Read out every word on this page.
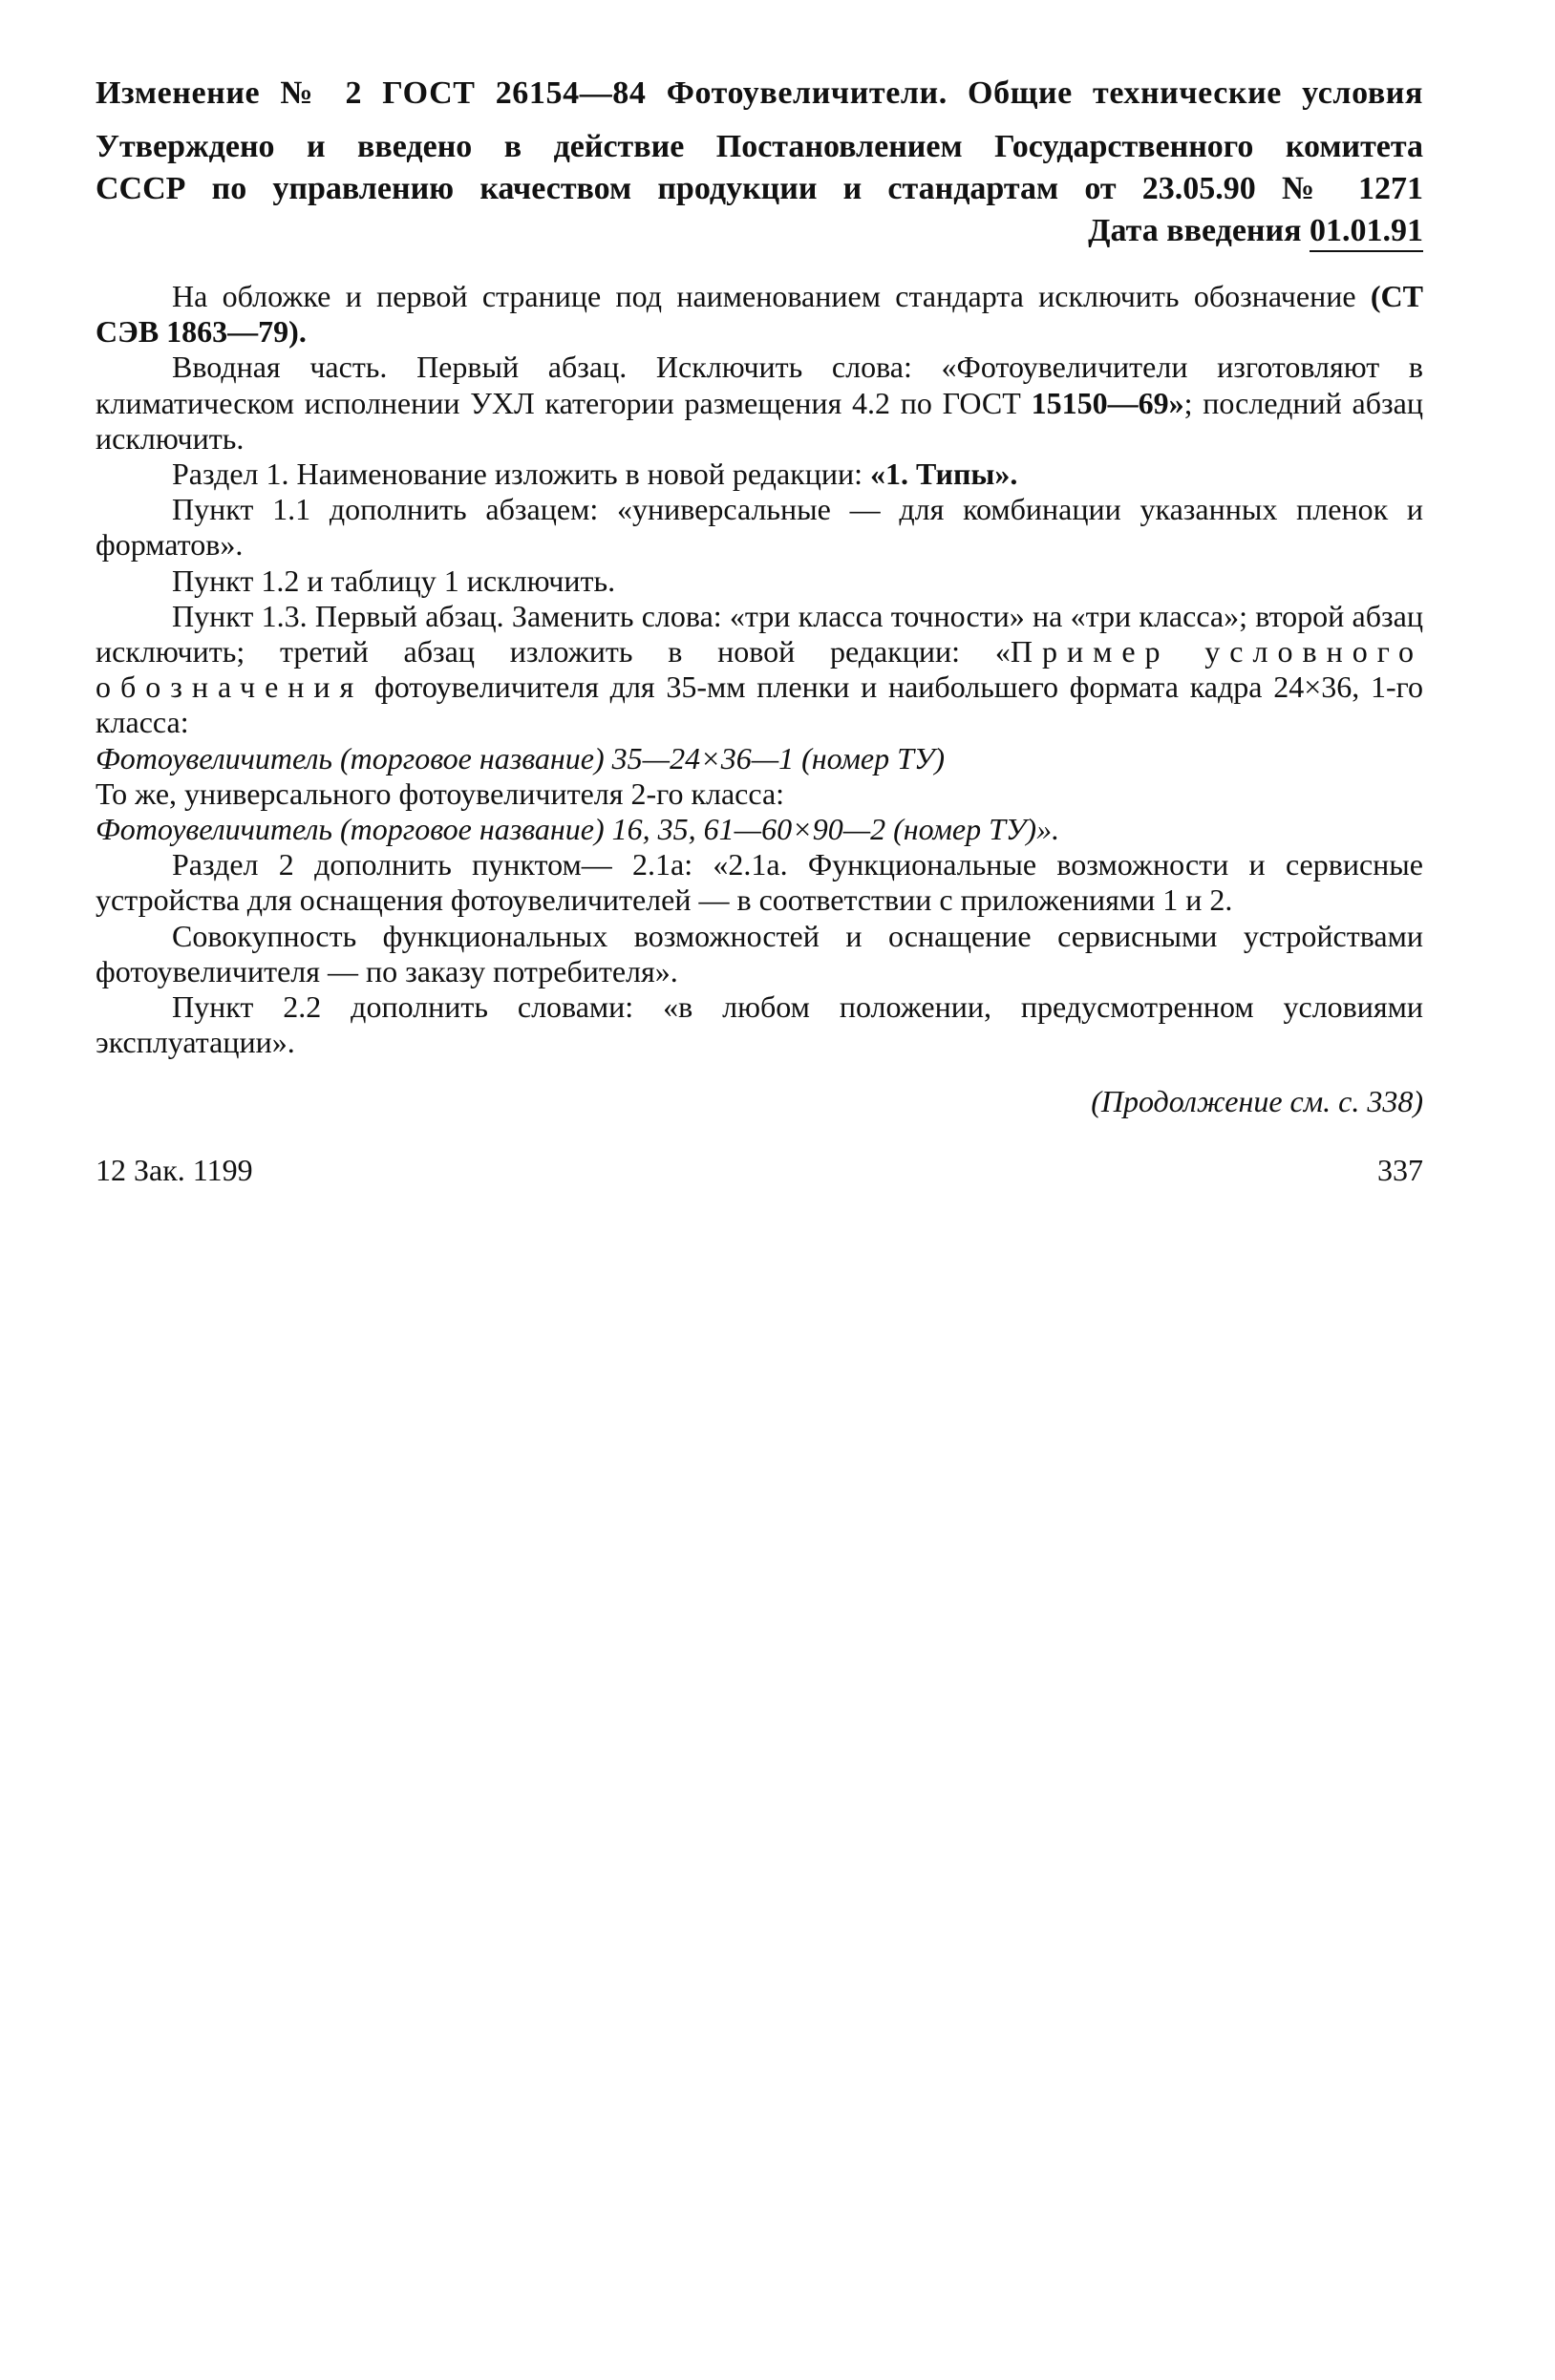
Изменение № 2 ГОСТ 26154—84 Фотоувеличители. Общие технические условия
Утверждено и введено в действие Постановлением Государственного комитета
СССР по управлению качеством продукции и стандартам от 23.05.90 № 1271
Дата введения 01.01.91

На обложке и первой странице под наименованием стандарта исключить обозначение (СТ СЭВ 1863—79).

Вводная часть. Первый абзац. Исключить слова: «Фотоувеличители изготовляют в климатическом исполнении УХЛ категории размещения 4.2 по ГОСТ 15150—69»; последний абзац исключить.

Раздел 1. Наименование изложить в новой редакции: «1. Типы».

Пункт 1.1 дополнить абзацем: «универсальные — для комбинации указанных пленок и форматов».

Пункт 1.2 и таблицу 1 исключить.

Пункт 1.3. Первый абзац. Заменить слова: «три класса точности» на «три класса»; второй абзац исключить; третий абзац изложить в новой редакции: «Пример условного обозначения фотоувеличителя для 35-мм пленки и наибольшего формата кадра 24×36, 1-го класса:

Фотоувеличитель (торговое название) 35—24×36—1 (номер ТУ)

То же, универсального фотоувеличителя 2-го класса:

Фотоувеличитель (торговое название) 16, 35, 61—60×90—2 (номер ТУ)».

Раздел 2 дополнить пунктом— 2.1а: «2.1а. Функциональные возможности и сервисные устройства для оснащения фотоувеличителей — в соответствии с приложениями 1 и 2.

Совокупность функциональных возможностей и оснащение сервисными устройствами фотоувеличителя — по заказу потребителя».

Пункт 2.2 дополнить словами: «в любом положении, предусмотренном условиями эксплуатации».

(Продолжение см. с. 338)
12 Зак. 1199	337
